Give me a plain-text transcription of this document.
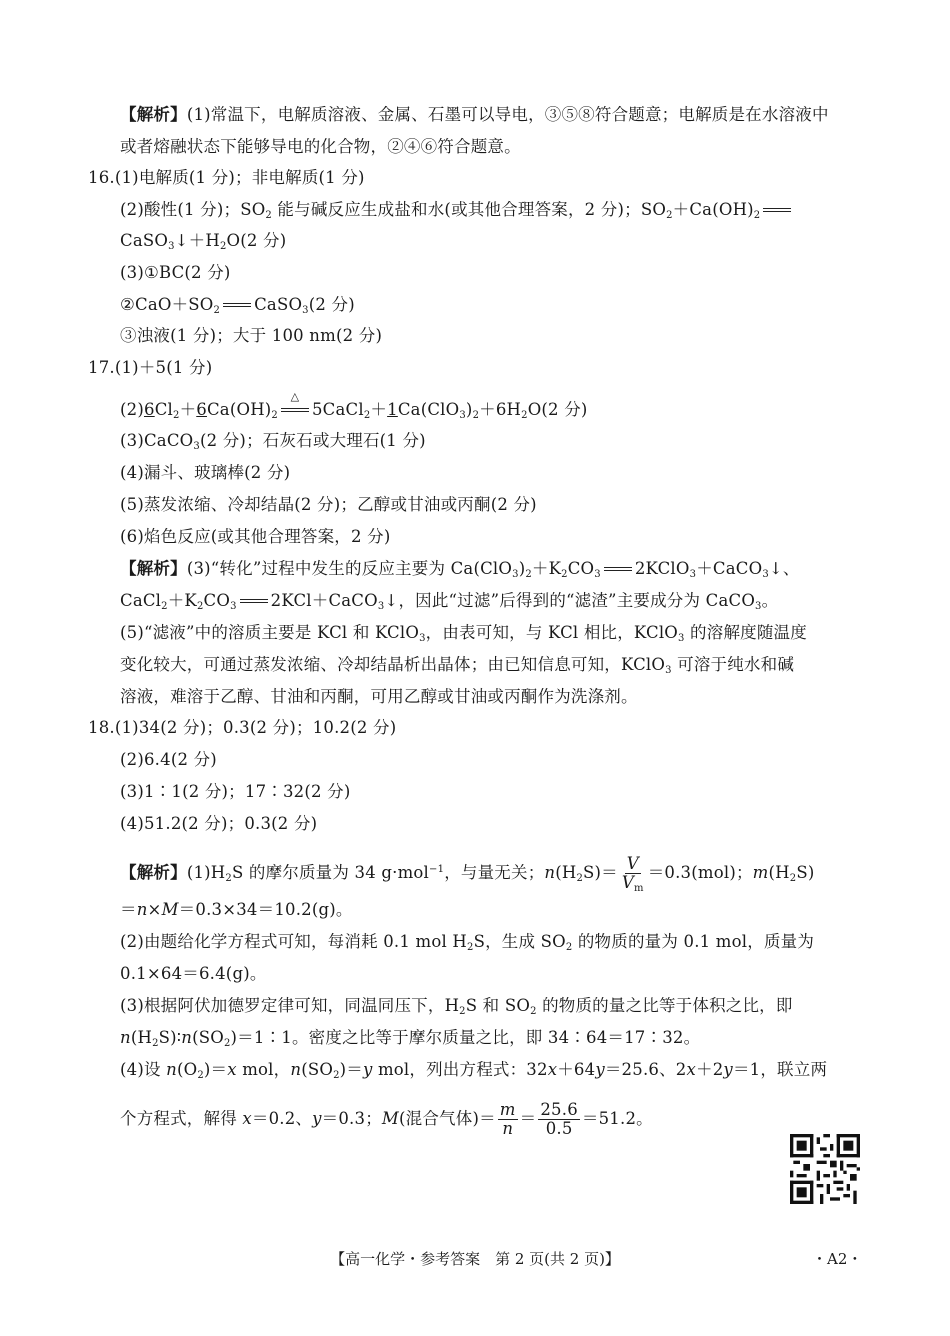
【解析】(1)常温下，电解质溶液、金属、石墨可以导电，③⑤⑧符合题意；电解质是在水溶液中
或者熔融状态下能够导电的化合物，②④⑥符合题意。
16.(1)电解质(1 分)；非电解质(1 分)
(2)酸性(1 分)；$SO_2$ 能与碱反应生成盐和水(或其他合理答案，2 分)；$SO_2+Ca(OH)_2$
$CaSO_3↓+H_2O(2$ 分)
(3)①BC(2 分)
$②CaO+SO_2$ CaSO$_3$(2 分)
③浊液(1 分)；大于 100 nm(2 分)
17.(1)＋5(1 分)
$(2)6Cl_2+6Ca(OH)_2$
△
$5CaCl_2+1Ca(ClO_3)_2+6H_2O(2$ 分)
(3)CaCO$_3$(2 分)；石灰石或大理石(1 分)
(4)漏斗、玻璃棒(2 分)
(5)蒸发浓缩、冷却结晶(2 分)；乙醇或甘油或丙酮(2 分)
(6)焰色反应(或其他合理答案，2 分)
【解析】(3)“转化”过程中发生的反应主要为 $Ca(ClO_3)_2+K_2CO_3$ 2KClO$_3$＋CaCO$_3$↓、
$CaCl_2+K_2CO_3$ 2KCl＋CaCO$_3$↓，因此“过滤”后得到的“滤渣”主要成分为 CaCO$_3$。
(5)“滤液”中的溶质主要是 KCl 和 KClO$_3$，由表可知，与 KCl 相比，KClO$_3$ 的溶解度随温度
变化较大，可通过蒸发浓缩、冷却结晶析出晶体；由已知信息可知，KClO$_3$ 可溶于纯水和碱
溶液，难溶于乙醇、甘油和丙酮，可用乙醇或甘油或丙酮作为洗涤剂。
18.(1)34(2 分)；0.3(2 分)；10.2(2 分)
(2)6.4(2 分)
(3)1∶1(2 分)；17∶32(2 分)
(4)51.2(2 分)；0.3(2 分)
【解析】$(1)H_2S$ 的摩尔质量为 34 g·mol$^{-1}$，与量无关；$n(H_2S)= \frac{V}{V_m} =0.3(mol)$；$m(H_2S)$
＝n×M＝0.3×34＝10.2(g)。
(2)由题给化学方程式可知，每消耗 0.1 mol $H_2S$，生成 $SO_2$ 的物质的量为 0.1 mol，质量为
0.1×64＝6.4(g)。
(3)根据阿伏加德罗定律可知，同温同压下，$H_2S$ 和 $SO_2$ 的物质的量之比等于体积之比，即
$n(H_2S)∶n(SO_2)=1∶1$。密度之比等于摩尔质量之比，即 34∶64＝17∶32。
(4)设 $n(O_2)=x$ mol，$n(SO_2)=y$ mol，列出方程式：32x＋64y＝25.6、2x＋2y＝1，联立两
个方程式，解得 x＝0.2、y＝0.3；M(混合气体)＝ $\frac{m}{n} = \frac{25.6}{0.5} =51.2$。
【高一化学・参考答案　第 2 页(共 2 页)】	・A2・
